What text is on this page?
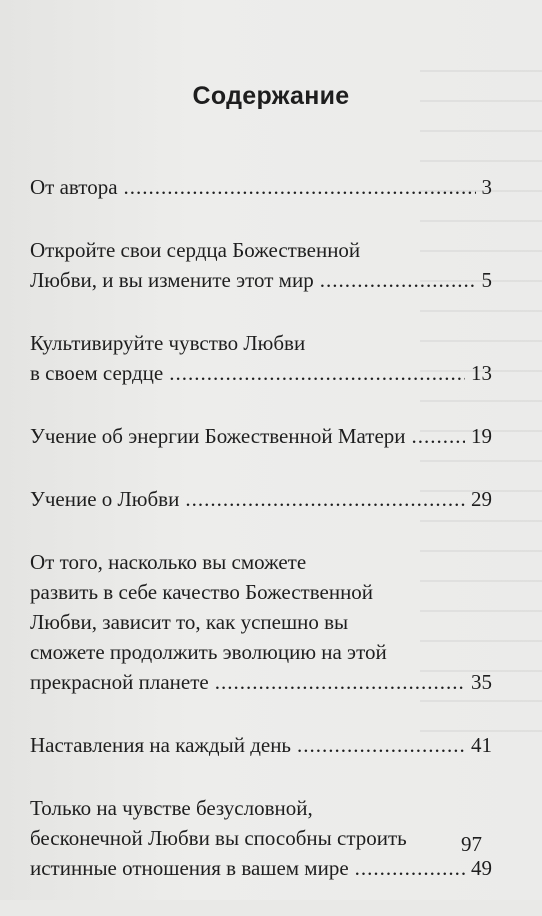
Содержание
От автора .....	3
Откройте свои сердца Божественной
Любви, и вы измените этот мир .....	5
Культивируйте чувство Любви
в своем сердце .....	13
Учение об энергии Божественной Матери .....	19
Учение о Любви .....	29
От того, насколько вы сможете
развить в себе качество Божественной
Любви, зависит то, как успешно вы
сможете продолжить эволюцию на этой
прекрасной планете .....	35
Наставления на каждый день .....	41
Только на чувстве безусловной,
бесконечной Любви вы способны строить
истинные отношения в вашем мире .....	49
97
